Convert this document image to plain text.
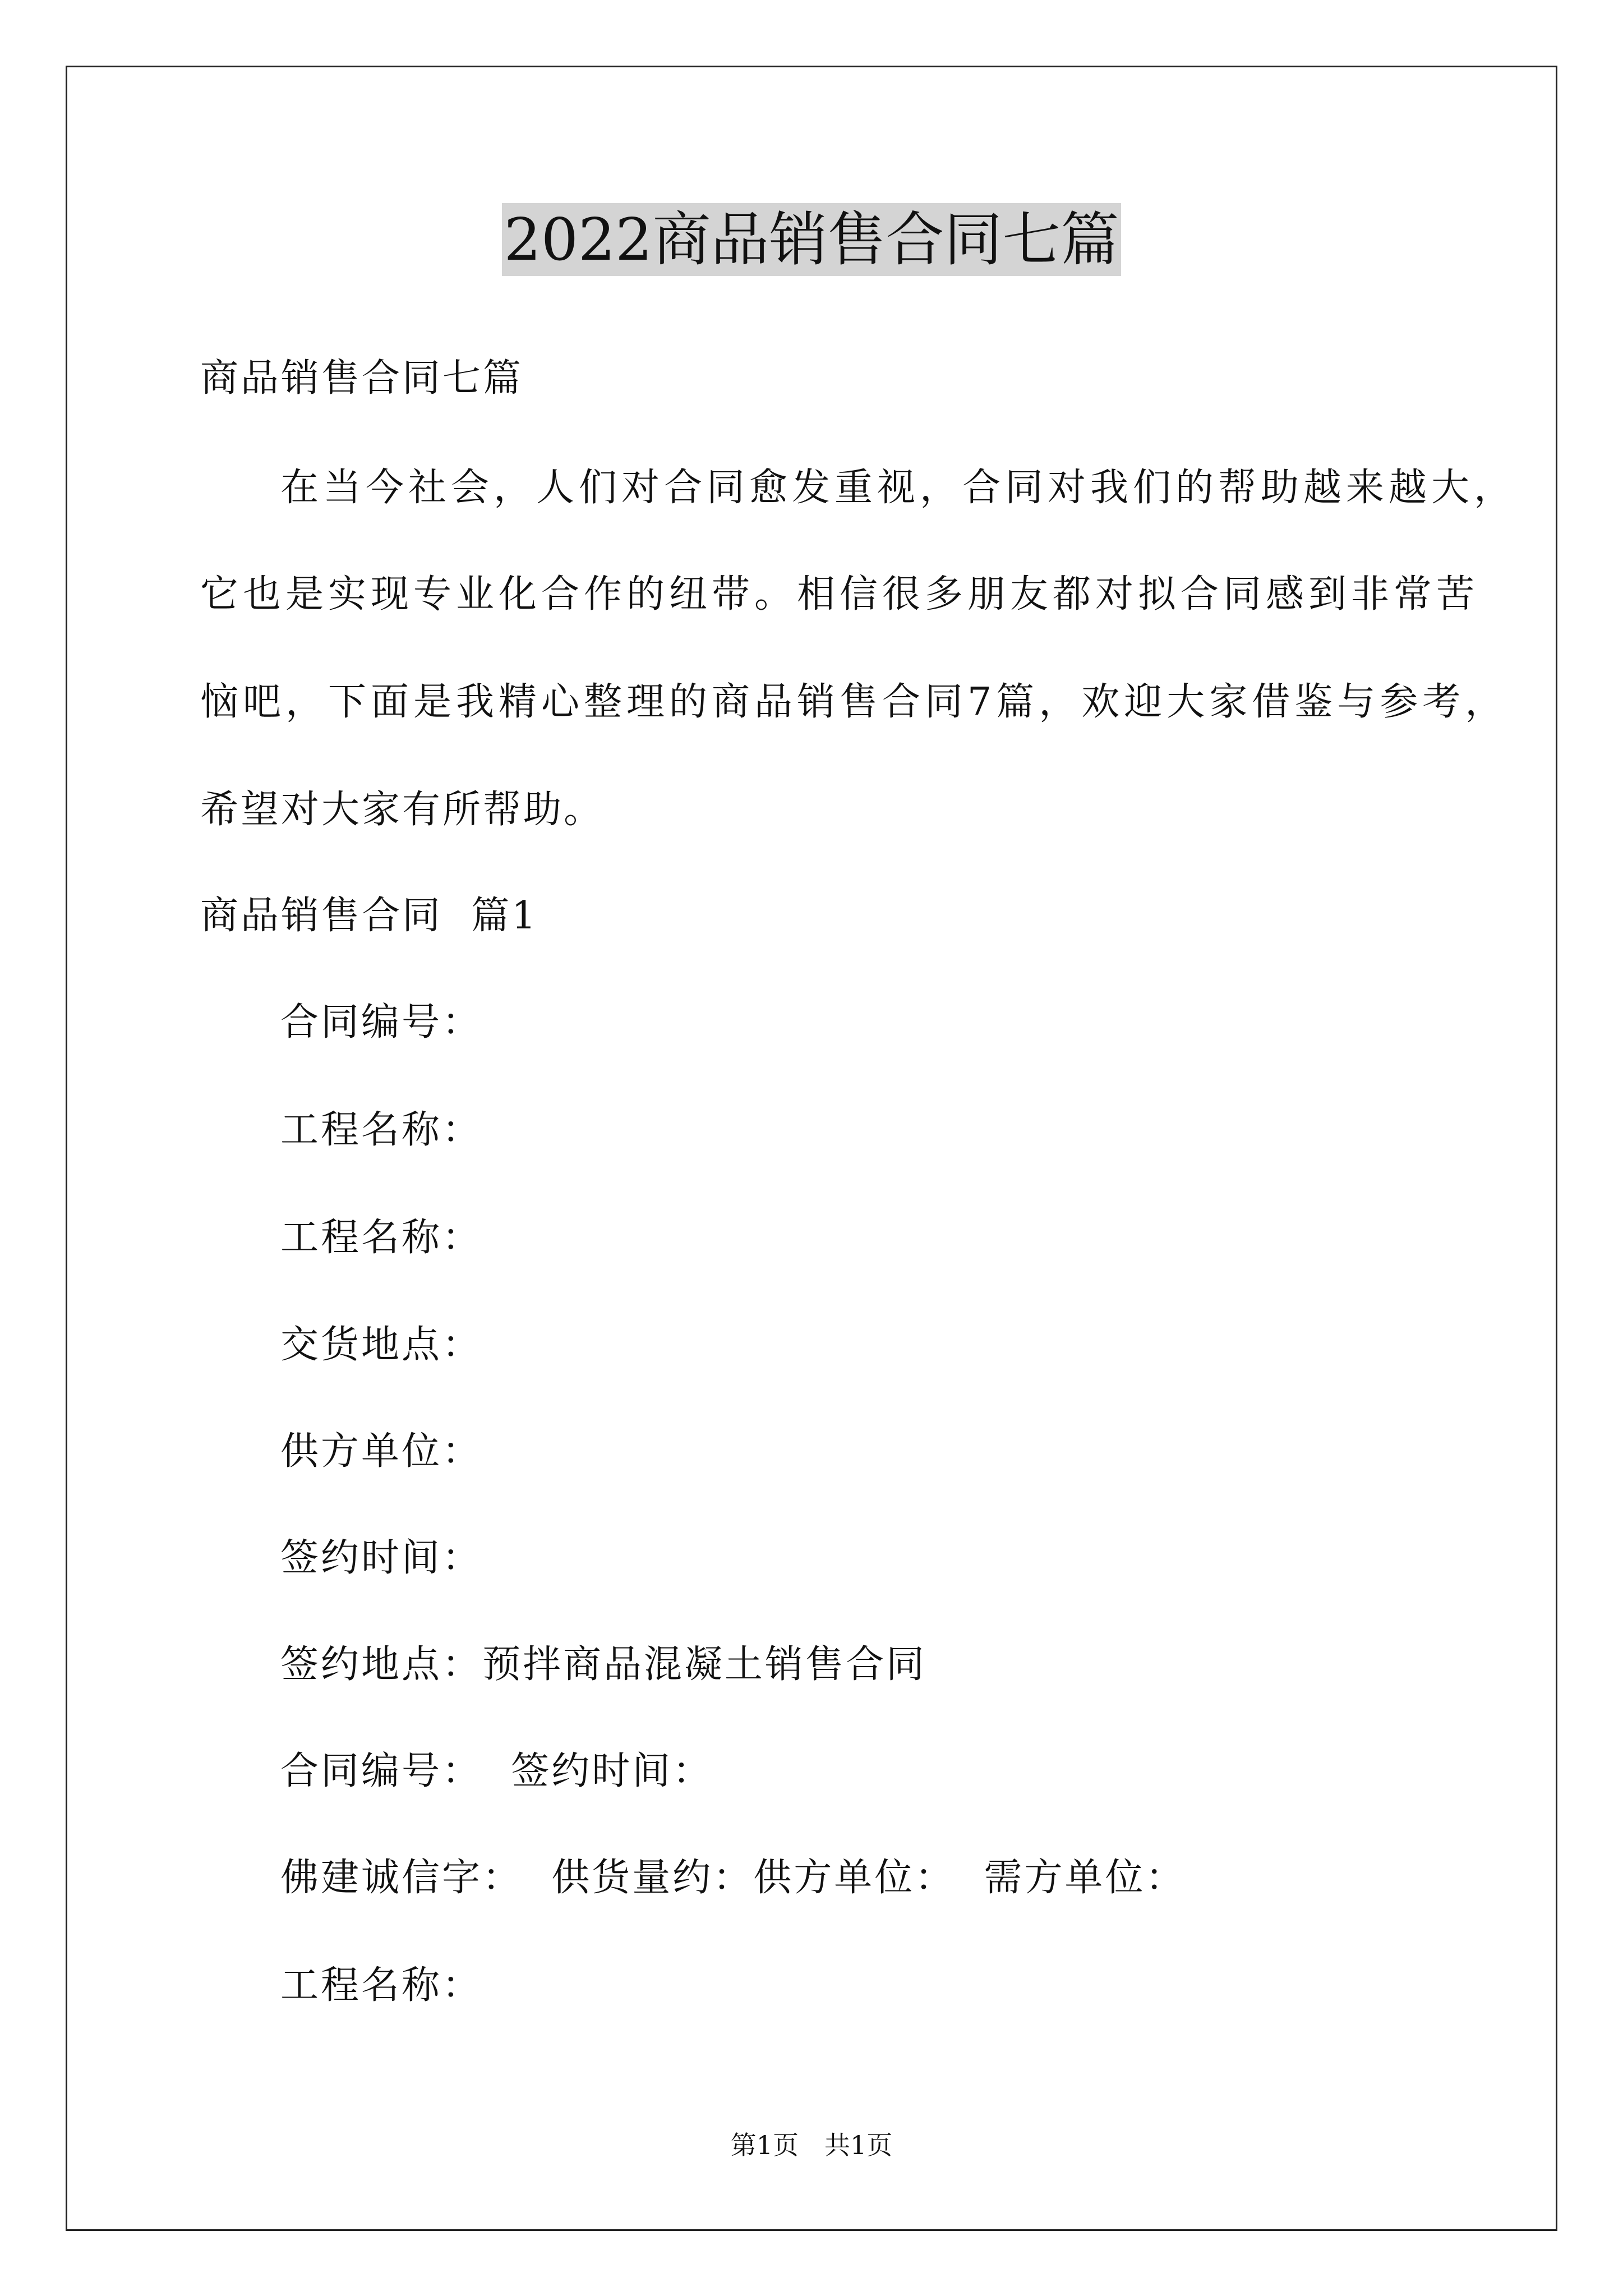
2022商品销售合同七篇
商品销售合同七篇
在当今社会，人们对合同愈发重视，合同对我们的帮助越来越大，
它也是实现专业化合作的纽带。相信很多朋友都对拟合同感到非常苦
恼吧，下面是我精心整理的商品销售合同7篇，欢迎大家借鉴与参考，
希望对大家有所帮助。
商品销售合同  篇1
合同编号：
工程名称：
工程名称：
交货地点：
供方单位：
签约时间：
签约地点：预拌商品混凝土销售合同
合同编号：  签约时间：
佛建诚信字：  供货量约：供方单位：  需方单位：
工程名称：
第1页 共1页
